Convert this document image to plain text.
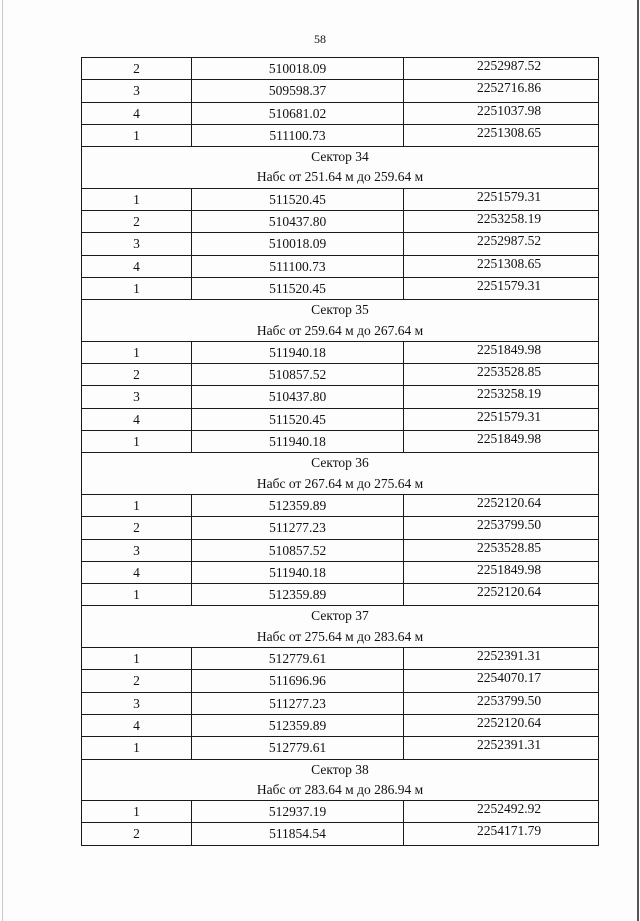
58
2	510018.09	2252987.52
3	509598.37	2252716.86
4	510681.02	2251037.98
1	511100.73	2251308.65

Сектор 34
Набс от 251.64 м до 259.64 м		

1	511520.45	2251579.31
2	510437.80	2253258.19
3	510018.09	2252987.52
4	511100.73	2251308.65
1	511520.45	2251579.31

Сектор 35
Набс от 259.64 м до 267.64 м		

1	511940.18	2251849.98
2	510857.52	2253528.85
3	510437.80	2253258.19
4	511520.45	2251579.31
1	511940.18	2251849.98

Сектор 36
Набс от 267.64 м до 275.64 м		

1	512359.89	2252120.64
2	511277.23	2253799.50
3	510857.52	2253528.85
4	511940.18	2251849.98
1	512359.89	2252120.64

Сектор 37
Набс от 275.64 м до 283.64 м		

1	512779.61	2252391.31
2	511696.96	2254070.17
3	511277.23	2253799.50
4	512359.89	2252120.64
1	512779.61	2252391.31

Сектор 38
Набс от 283.64 м до 286.94 м		

1	512937.19	2252492.92
2	511854.54	2254171.79
